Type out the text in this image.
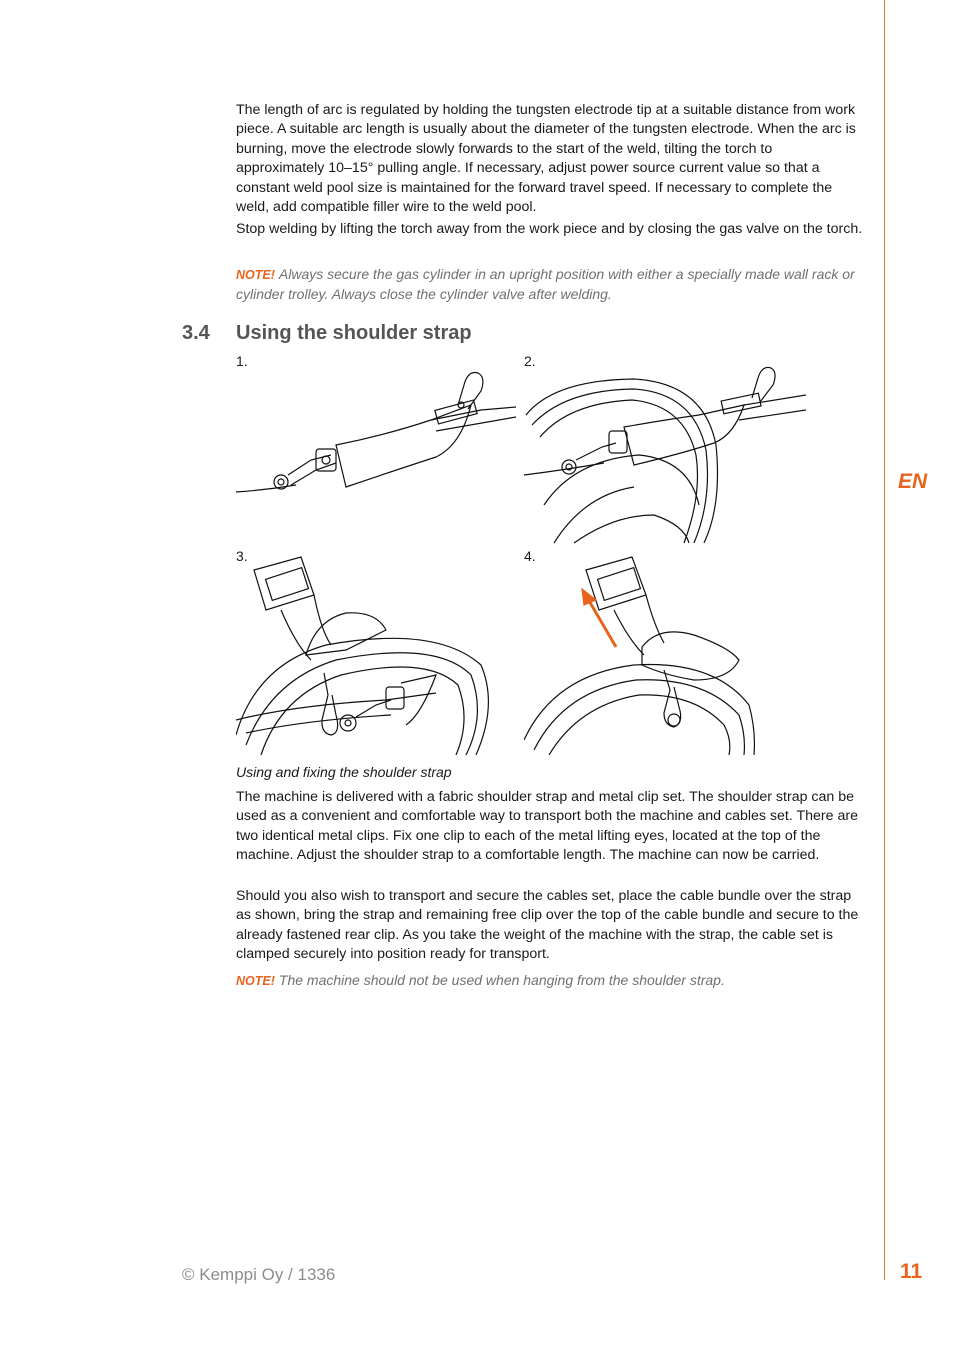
EN
11

The length of arc is regulated by holding the tungsten electrode tip at a suitable distance from work piece. A suitable arc length is usually about the diameter of the tungsten electrode. When the arc is burning, move the electrode slowly forwards to the start of the weld, tilting the torch to approximately 10–15° pulling angle. If necessary, adjust power source current value so that a constant weld pool size is maintained for the forward travel speed. If necessary to complete the weld, add compatible filler wire to the weld pool.

Stop welding by lifting the torch away from the work piece and by closing the gas valve on the torch.

NOTE! Always secure the gas cylinder in an upright position with either a specially made wall rack or cylinder trolley. Always close the cylinder valve after welding.

3.4 Using the shoulder strap
1.	2.
3.	4.
Using and fixing the shoulder strap

The machine is delivered with a fabric shoulder strap and metal clip set. The shoulder strap can be used as a convenient and comfortable way to transport both the machine and cables set. There are two identical metal clips. Fix one clip to each of the metal lifting eyes, located at the top of the machine. Adjust the shoulder strap to a comfortable length. The machine can now be carried.

Should you also wish to transport and secure the cables set, place the cable bundle over the strap as shown, bring the strap and remaining free clip over the top of the cable bundle and secure to the already fastened rear clip. As you take the weight of the machine with the strap, the cable set is clamped securely into position ready for transport.

NOTE! The machine should not be used when hanging from the shoulder strap.

© Kemppi Oy / 1336
